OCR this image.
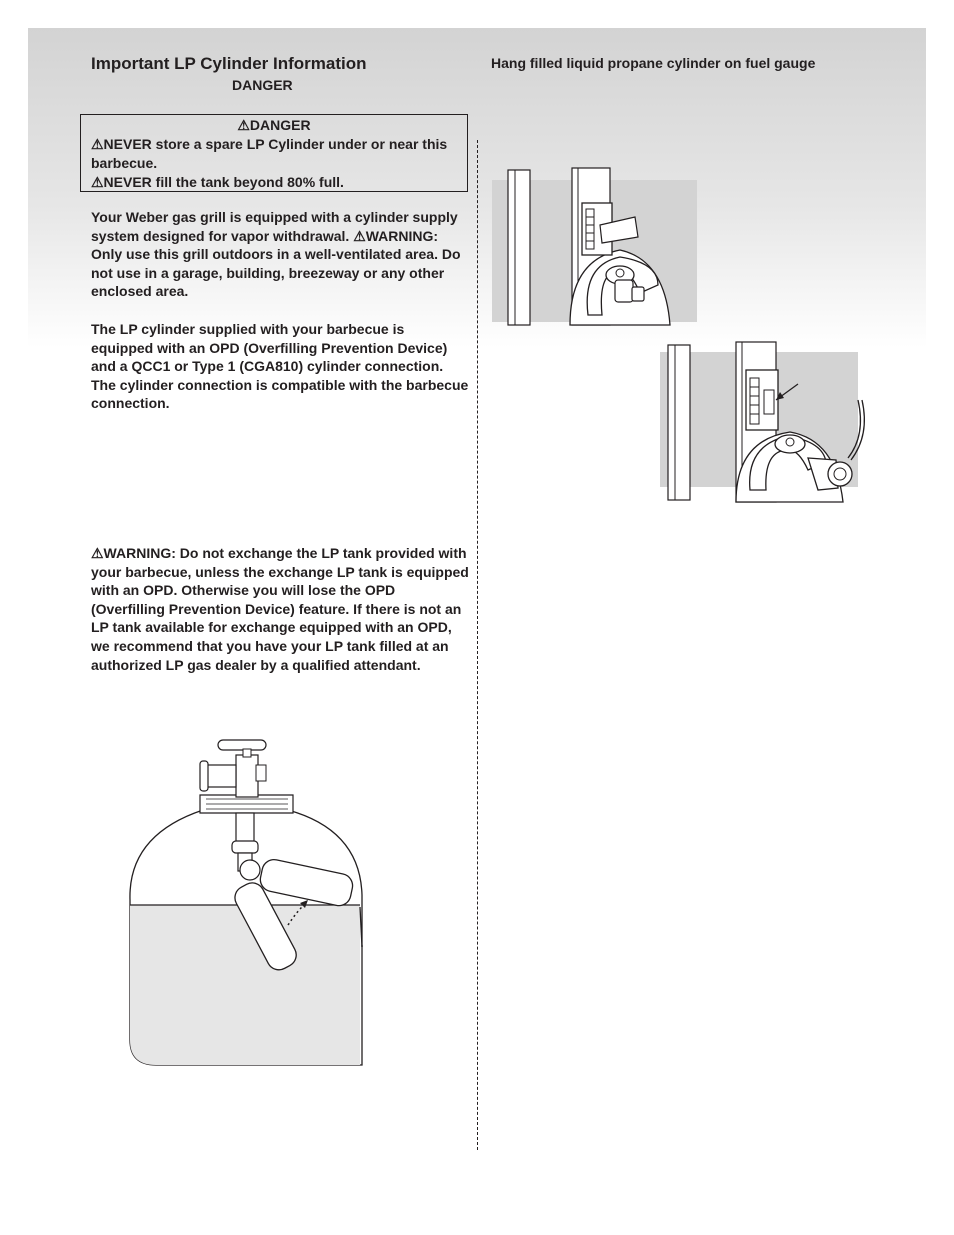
Important LP Cylinder Information
DANGER
Hang filled liquid propane cylinder on fuel gauge
⚠DANGER
⚠NEVER store a spare LP Cylinder under or near this barbecue.
⚠NEVER fill the tank beyond 80% full.
Your Weber gas grill is equipped with a cylinder supply system designed for vapor withdrawal. ⚠WARNING: Only use this grill outdoors in a well-ventilated area. Do not use in a garage, building, breezeway or any other enclosed area.
The LP cylinder supplied with your barbecue is equipped with an OPD (Overfilling Prevention Device) and a QCC1 or Type 1 (CGA810) cylinder connection. The cylinder connection is compatible with the barbecue connection.
⚠WARNING: Do not exchange the LP tank provided with your barbecue, unless the exchange LP tank is equipped with an OPD. Otherwise you will lose the OPD (Overfilling Prevention Device) feature. If there is not an LP tank available for exchange equipped with an OPD, we recommend that you have your LP tank filled at an authorized LP gas dealer by a qualified attendant.
